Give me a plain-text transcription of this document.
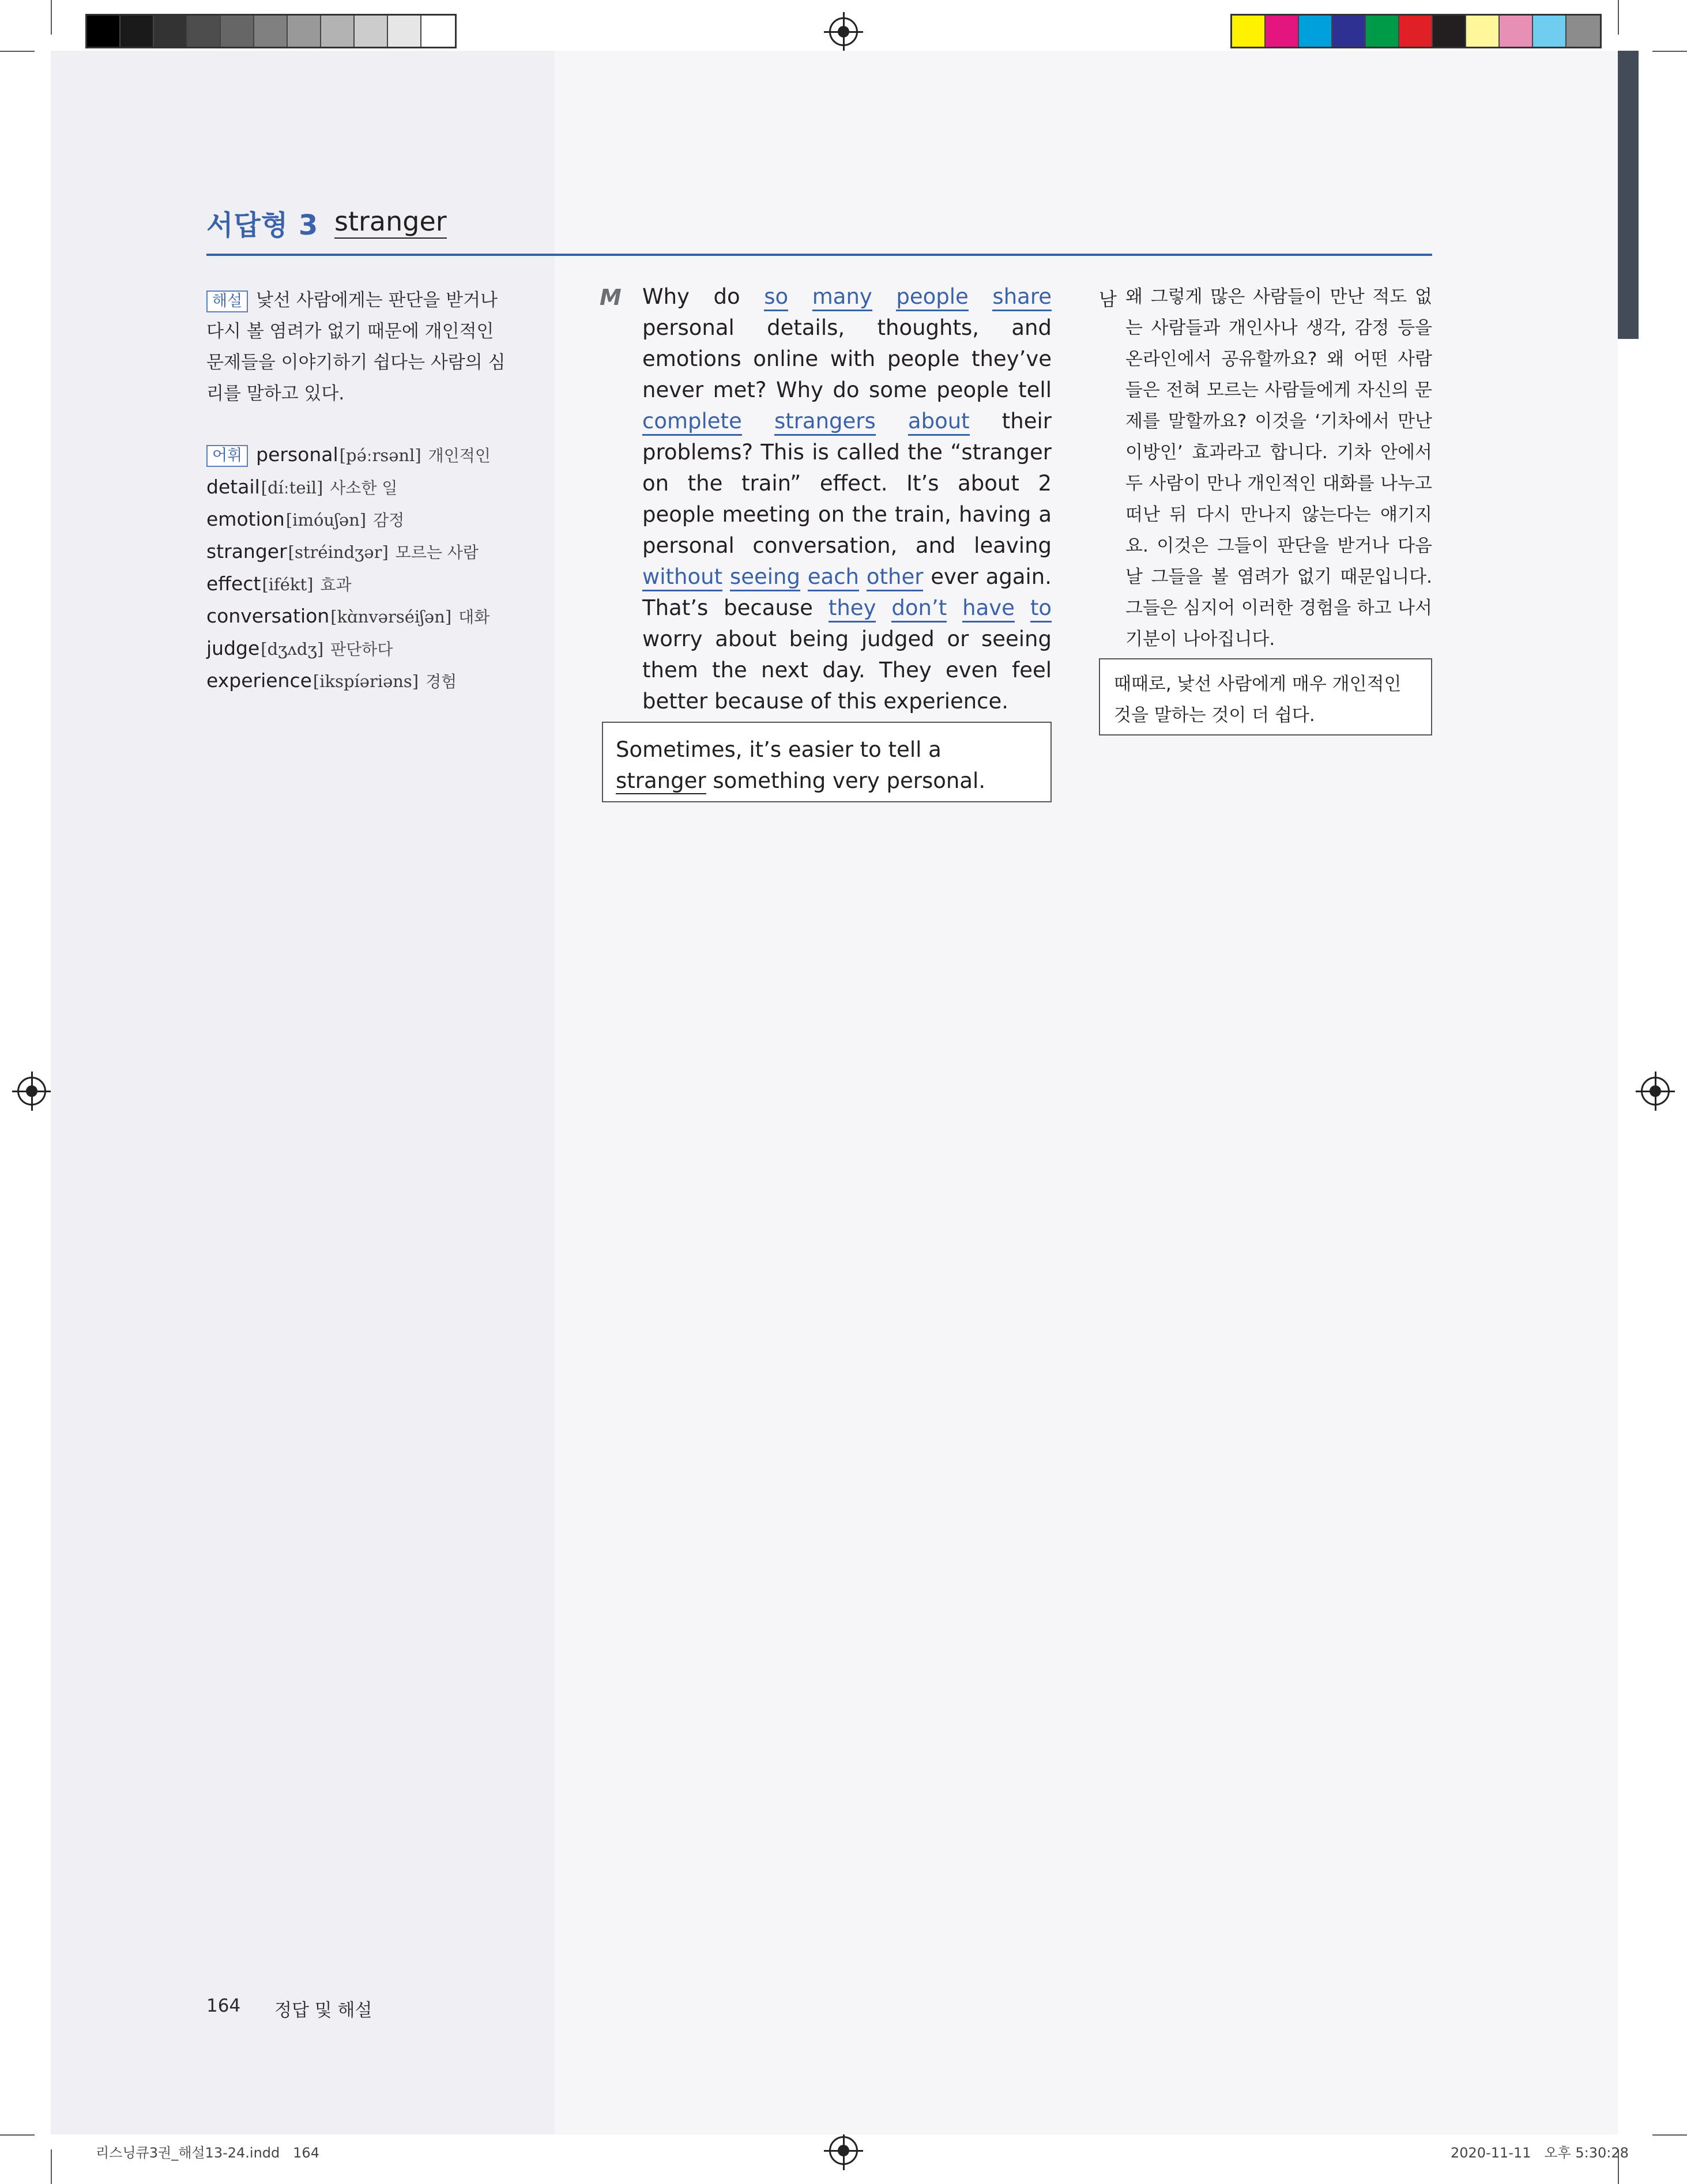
서답형 3 stranger
해설 낯선 사람에게는 판단을 받거나 다시 볼 염려가 없기 때문에 개인적인 문제들을 이야기하기 쉽다는 사람의 심리를 말하고 있다.
어휘 personal[pə́ːrsənl] 개인적인
detail[díːteil] 사소한 일
emotion[imóuʃən] 감정
stranger[stréindʒər] 모르는 사람
effect[ifékt] 효과
conversation[kɑ̀nvərséiʃən] 대화
judge[dʒʌdʒ] 판단하다
experience[ikspíəriəns] 경험
M Why do so many people share personal details, thoughts, and emotions online with people they’ve never met? Why do some people tell complete strangers about their problems? This is called the “stranger on the train” effect. It’s about 2 people meeting on the train, having a personal conversation, and leaving without seeing each other ever again. That’s because they don’t have to worry about being judged or seeing them the next day. They even feel better because of this experience.
Sometimes, it’s easier to tell a stranger something very personal.
남 왜 그렇게 많은 사람들이 만난 적도 없는 사람들과 개인사나 생각, 감정 등을 온라인에서 공유할까요? 왜 어떤 사람들은 전혀 모르는 사람들에게 자신의 문제를 말할까요? 이것을 ‘기차에서 만난 이방인’ 효과라고 합니다. 기차 안에서 두 사람이 만나 개인적인 대화를 나누고 떠난 뒤 다시 만나지 않는다는 얘기지요. 이것은 그들이 판단을 받거나 다음날 그들을 볼 염려가 없기 때문입니다. 그들은 심지어 이러한 경험을 하고 나서 기분이 나아집니다.
때때로, 낯선 사람에게 매우 개인적인 것을 말하는 것이 더 쉽다.
164 정답 및 해설
리스닝큐3권_해설13-24.indd   164	2020-11-11   오후 5:30:28
